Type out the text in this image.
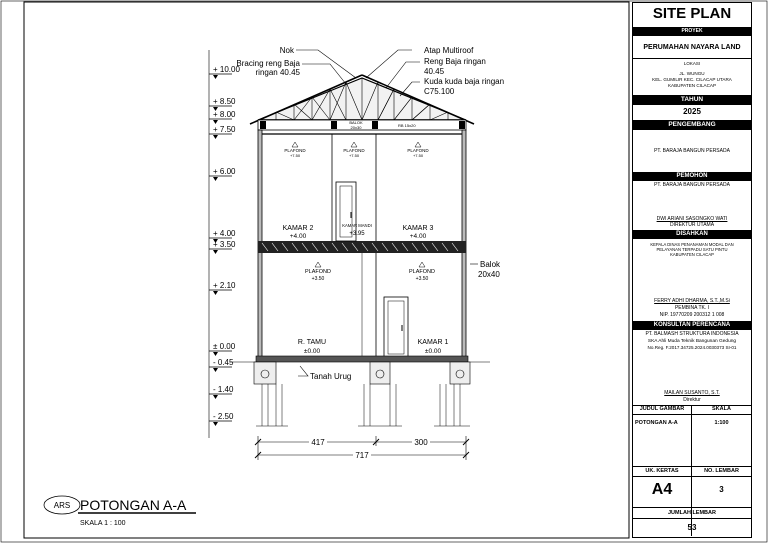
+ 10.00
+ 8.50
+ 8.00
+ 7.50
+ 6.00
+ 4.00
+ 3.50
+ 2.10
± 0.00
- 0.45
- 1.40
- 2.50
417	300
717
Nok
Bracing reng Baja
ringan 40.45
Atap Multiroof
Reng Baja ringan
40.45
Kuda kuda baja ringan
C75.100
Balok
20x40
Tanah Urug
BALOK
20x30	RB 15x20
PLAFOND
+7.50
PLAFOND
+7.50
PLAFOND
+7.50
PLAFOND
+3.50
PLAFOND
+3.50
KAMAR 2
+4.00
KAMAR MANDI
+3.95
KAMAR 3
+4.00
R. TAMU
±0.00
KAMAR 1
±0.00
ARS POTONGAN A-A
SKALA 1 : 100
SITE PLAN
PROYEK
PERUMAHAN NAYARA LAND
LOKASI
JL. WUNGU
KEL. GUMILIR KEC. CILACAP UTARA
KABUPATEN CILACAP
TAHUN
2025
PENGEMBANG
PT. BARAJA BANGUN PERSADA
PEMOHON
PT. BARAJA BANGUN PERSADA
DWI ARIANI SASONGKO WATI
DIREKTUR UTAMA
DISAHKAN
KEPALA DINAS PENANAMAN MODAL DAN
PELAYANAN TERPADU SATU PINTU
KABUPATEN CILACAP
FERRY ADHI DHARMA, S.T.,M.Si
PEMBINA TK. I
NIP. 19770209 200312 1 008
KONSULTAN PERENCANA
PT. BALMASH STRUKTURA INDONESIA
SKA Ahli Muda Teknik Bangunan Gedung
No.Reg. F.2017.34725.2024.0030373 SI-01
MAILAN SUSANTO, S.T.
Direktur
JUDUL GAMBAR	SKALA
POTONGAN A-A	1:100
UK. KERTAS	NO. LEMBAR
A4	3
JUMLAH LEMBAR
53
